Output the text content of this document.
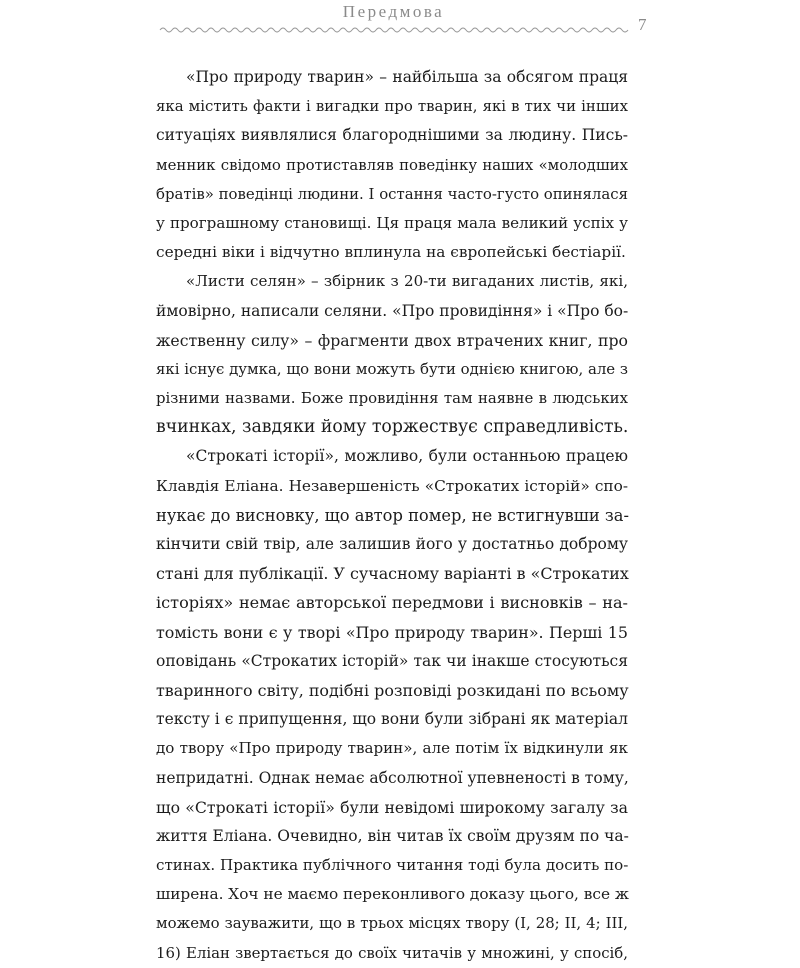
Передмова
7
«Про природу тварин» – найбільша за обсягом праця
яка містить факти і вигадки про тварин, які в тих чи інших
ситуаціях виявлялися благороднішими за людину. Пись-
менник свідомо протиставляв поведінку наших «молодших
братів» поведінці людини. І остання часто-густо опинялася
у програшному становищі. Ця праця мала великий успіх у
середні віки і відчутно вплинула на європейські бестіарії.
«Листи селян» – збірник з 20-ти вигаданих листів, які,
ймовірно, написали селяни. «Про провидіння» і «Про бо-
жественну силу» – фрагменти двох втрачених книг, про
які існує думка, що вони можуть бути однією книгою, але з
різними назвами. Боже провидіння там наявне в людських
вчинках, завдяки йому торжествує справедливість.
«Строкаті історії», можливо, були останньою працею
Клавдія Еліана. Незавершеність «Строкатих історій» спо-
нукає до висновку, що автор помер, не встигнувши за-
кінчити свій твір, але залишив його у достатньо доброму
стані для публікації. У сучасному варіанті в «Строкатих
історіях» немає авторської передмови і висновків – на-
томість вони є у творі «Про природу тварин». Перші 15
оповідань «Строкатих історій» так чи інакше стосуються
тваринного світу, подібні розповіді розкидані по всьому
тексту і є припущення, що вони були зібрані як матеріал
до твору «Про природу тварин», але потім їх відкинули як
непридатні. Однак немає абсолютної упевненості в тому,
що «Строкаті історії» були невідомі широкому загалу за
життя Еліана. Очевидно, він читав їх своїм друзям по ча-
стинах. Практика публічного читання тоді була досить по-
ширена. Хоч не маємо переконливого доказу цього, все ж
можемо зауважити, що в трьох місцях твору (I, 28; II, 4; III,
16) Еліан звертається до своїх читачів у множині, у спосіб,
